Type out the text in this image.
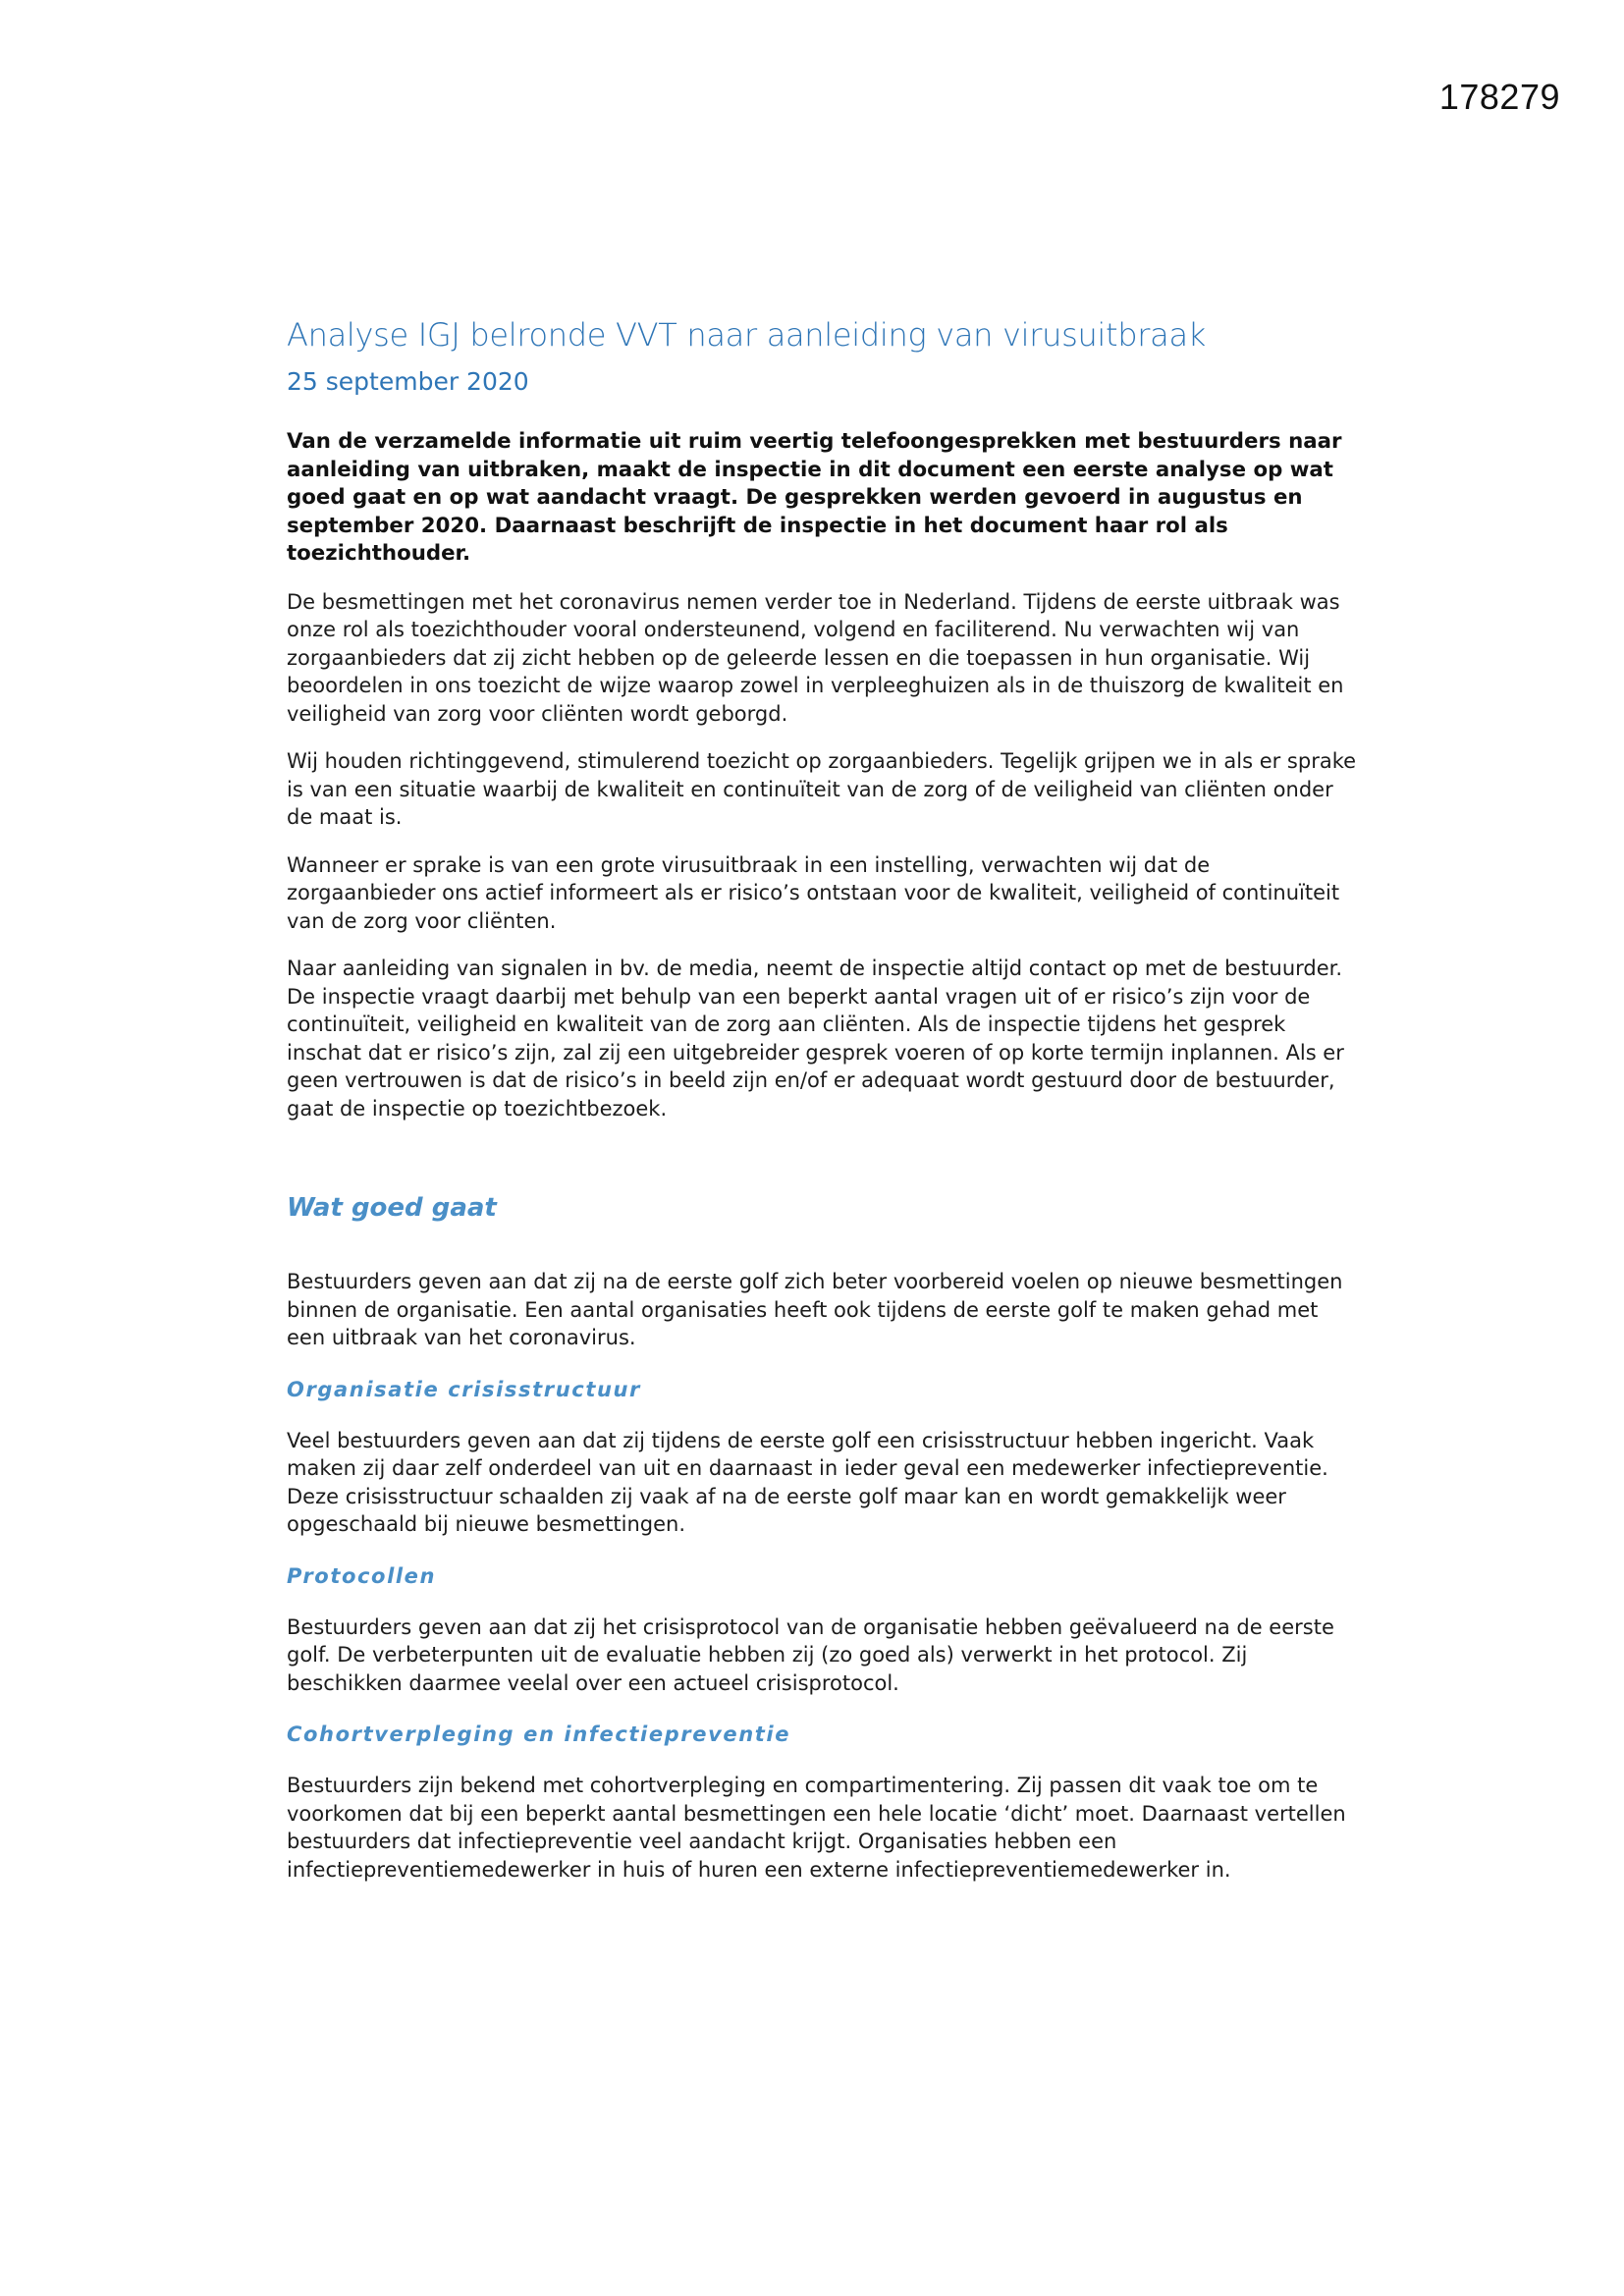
178279
Analyse IGJ belronde VVT naar aanleiding van virusuitbraak
25 september 2020

Van de verzamelde informatie uit ruim veertig telefoongesprekken met bestuurders naar aanleiding van uitbraken, maakt de inspectie in dit document een eerste analyse op wat goed gaat en op wat aandacht vraagt. De gesprekken werden gevoerd in augustus en september 2020. Daarnaast beschrijft de inspectie in het document haar rol als toezichthouder.

De besmettingen met het coronavirus nemen verder toe in Nederland. Tijdens de eerste uitbraak was onze rol als toezichthouder vooral ondersteunend, volgend en faciliterend. Nu verwachten wij van zorgaanbieders dat zij zicht hebben op de geleerde lessen en die toepassen in hun organisatie. Wij beoordelen in ons toezicht de wijze waarop zowel in verpleeghuizen als in de thuiszorg de kwaliteit en veiligheid van zorg voor cliënten wordt geborgd.

Wij houden richtinggevend, stimulerend toezicht op zorgaanbieders. Tegelijk grijpen we in als er sprake is van een situatie waarbij de kwaliteit en continuïteit van de zorg of de veiligheid van cliënten onder de maat is.

Wanneer er sprake is van een grote virusuitbraak in een instelling, verwachten wij dat de zorgaanbieder ons actief informeert als er risico’s ontstaan voor de kwaliteit, veiligheid of continuïteit van de zorg voor cliënten.

Naar aanleiding van signalen in bv. de media, neemt de inspectie altijd contact op met de bestuurder. De inspectie vraagt daarbij met behulp van een beperkt aantal vragen uit of er risico’s zijn voor de continuïteit, veiligheid en kwaliteit van de zorg aan cliënten. Als de inspectie tijdens het gesprek inschat dat er risico’s zijn, zal zij een uitgebreider gesprek voeren of op korte termijn inplannen. Als er geen vertrouwen is dat de risico’s in beeld zijn en/of er adequaat wordt gestuurd door de bestuurder, gaat de inspectie op toezichtbezoek.

Wat goed gaat

Bestuurders geven aan dat zij na de eerste golf zich beter voorbereid voelen op nieuwe besmettingen binnen de organisatie. Een aantal organisaties heeft ook tijdens de eerste golf te maken gehad met een uitbraak van het coronavirus.

Organisatie crisisstructuur

Veel bestuurders geven aan dat zij tijdens de eerste golf een crisisstructuur hebben ingericht. Vaak maken zij daar zelf onderdeel van uit en daarnaast in ieder geval een medewerker infectiepreventie. Deze crisisstructuur schaalden zij vaak af na de eerste golf maar kan en wordt gemakkelijk weer opgeschaald bij nieuwe besmettingen.

Protocollen

Bestuurders geven aan dat zij het crisisprotocol van de organisatie hebben geëvalueerd na de eerste golf. De verbeterpunten uit de evaluatie hebben zij (zo goed als) verwerkt in het protocol. Zij beschikken daarmee veelal over een actueel crisisprotocol.

Cohortverpleging en infectiepreventie

Bestuurders zijn bekend met cohortverpleging en compartimentering. Zij passen dit vaak toe om te voorkomen dat bij een beperkt aantal besmettingen een hele locatie ‘dicht’ moet. Daarnaast vertellen bestuurders dat infectiepreventie veel aandacht krijgt. Organisaties hebben een infectiepreventiemedewerker in huis of huren een externe infectiepreventiemedewerker in.
